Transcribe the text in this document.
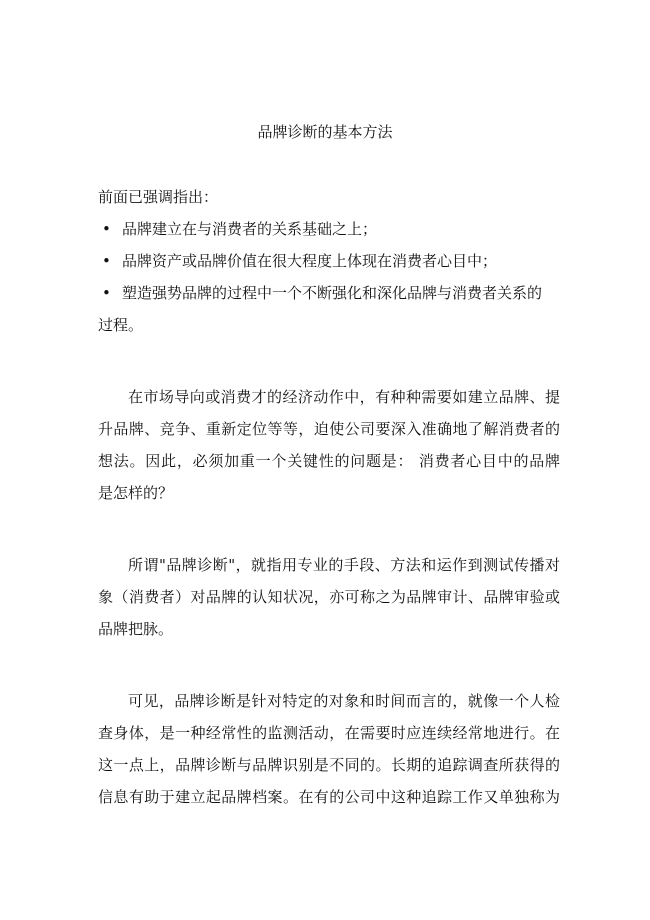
品牌诊断的基本方法

前面已强调指出：

• 品牌建立在与消费者的关系基础之上；
• 品牌资产或品牌价值在很大程度上体现在消费者心目中；
• 塑造强势品牌的过程中一个不断强化和深化品牌与消费者关系的

过程。

在市场导向或消费才的经济动作中，有种种需要如建立品牌、提

升品牌、竞争、重新定位等等，迫使公司要深入准确地了解消费者的

想法。因此，必须加重一个关键性的问题是： 消费者心目中的品牌

是怎样的？

所谓"品牌诊断"，就指用专业的手段、方法和运作到测试传播对

象（消费者）对品牌的认知状况，亦可称之为品牌审计、品牌审验或

品牌把脉。

可见，品牌诊断是针对特定的对象和时间而言的，就像一个人检

查身体，是一种经常性的监测活动，在需要时应连续经常地进行。在

这一点上，品牌诊断与品牌识别是不同的。长期的追踪调查所获得的

信息有助于建立起品牌档案。在有的公司中这种追踪工作又单独称为
